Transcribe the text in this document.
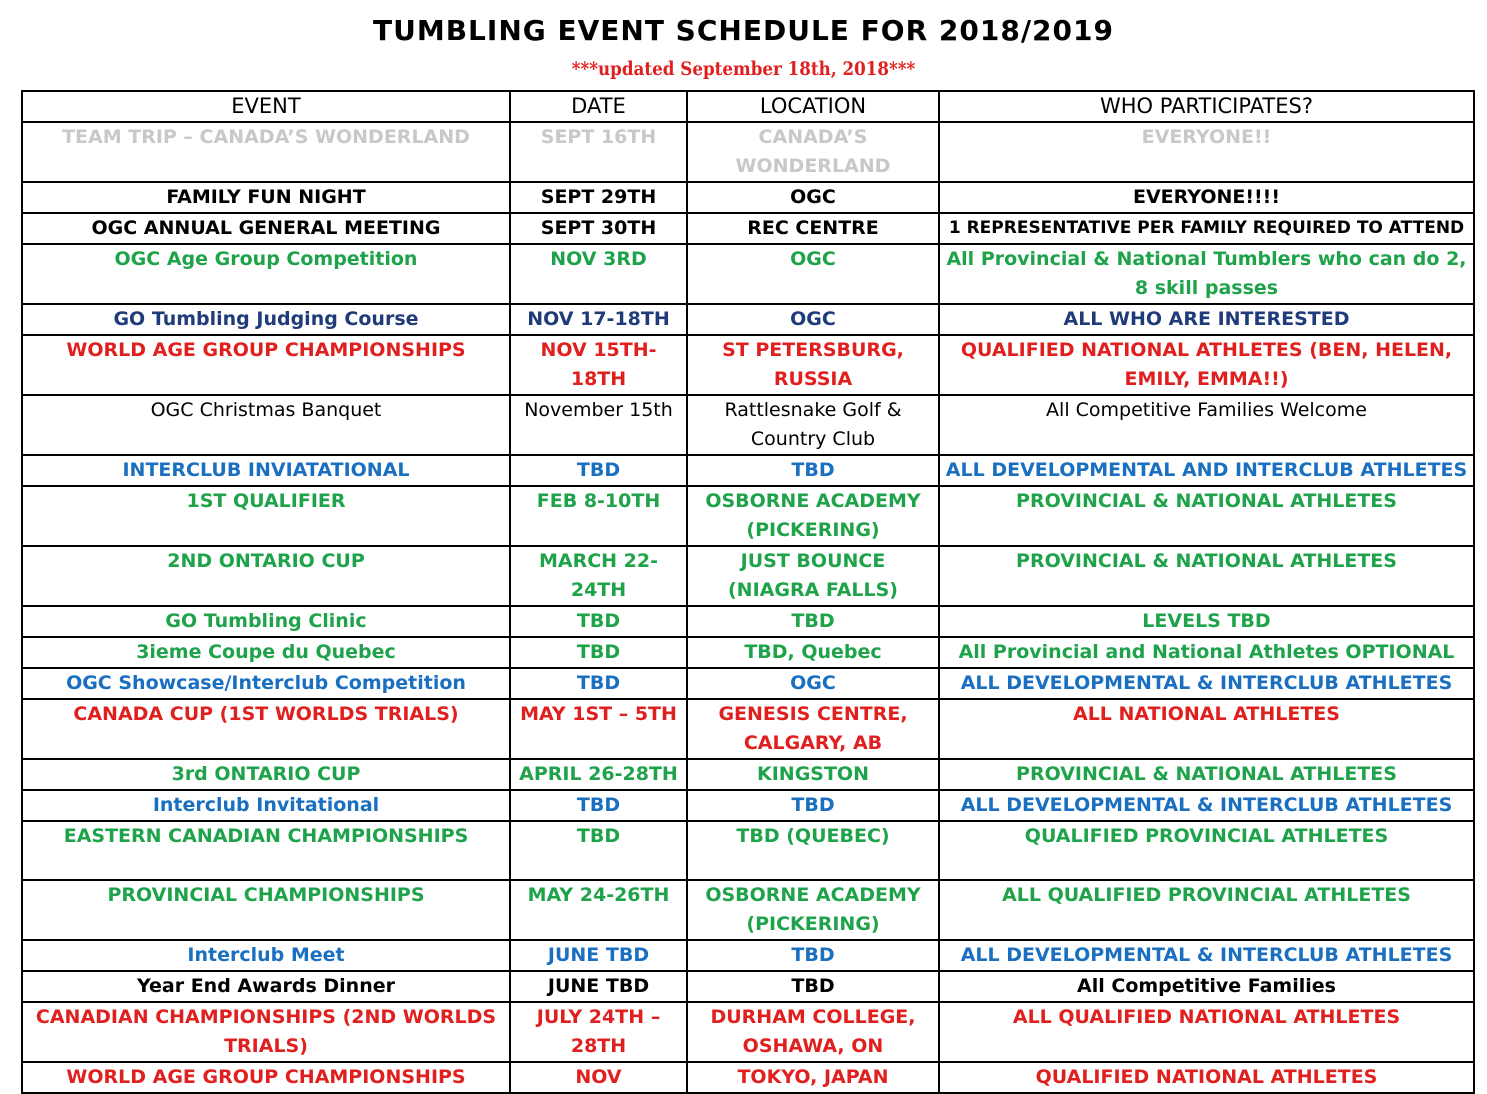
TUMBLING EVENT SCHEDULE FOR 2018/2019
***updated September 18th, 2018***
EVENT	DATE	LOCATION	WHO PARTICIPATES?
TEAM TRIP – CANADA’S WONDERLAND	SEPT 16TH	CANADA’S WONDERLAND	EVERYONE!!
FAMILY FUN NIGHT	SEPT 29TH	OGC	EVERYONE!!!!
OGC ANNUAL GENERAL MEETING	SEPT 30TH	REC CENTRE	1 REPRESENTATIVE PER FAMILY REQUIRED TO ATTEND
OGC Age Group Competition	NOV 3RD	OGC	All Provincial & National Tumblers who can do 2, 8 skill passes
GO Tumbling Judging Course	NOV 17-18TH	OGC	ALL WHO ARE INTERESTED
WORLD AGE GROUP CHAMPIONSHIPS	NOV 15TH-18TH	ST PETERSBURG, RUSSIA	QUALIFIED NATIONAL ATHLETES (BEN, HELEN, EMILY, EMMA!!)
OGC Christmas Banquet	November 15th	Rattlesnake Golf & Country Club	All Competitive Families Welcome
INTERCLUB INVIATATIONAL	TBD	TBD	ALL DEVELOPMENTAL AND INTERCLUB ATHLETES
1ST QUALIFIER	FEB 8-10TH	OSBORNE ACADEMY (PICKERING)	PROVINCIAL & NATIONAL ATHLETES
2ND ONTARIO CUP	MARCH 22-24TH	JUST BOUNCE (NIAGRA FALLS)	PROVINCIAL & NATIONAL ATHLETES
GO Tumbling Clinic	TBD	TBD	LEVELS TBD
3ieme Coupe du Quebec	TBD	TBD, Quebec	All Provincial and National Athletes OPTIONAL
OGC Showcase/Interclub Competition	TBD	OGC	ALL DEVELOPMENTAL & INTERCLUB ATHLETES
CANADA CUP (1ST WORLDS TRIALS)	MAY 1ST – 5TH	GENESIS CENTRE, CALGARY, AB	ALL NATIONAL ATHLETES
3rd ONTARIO CUP	APRIL 26-28TH	KINGSTON	PROVINCIAL & NATIONAL ATHLETES
Interclub Invitational	TBD	TBD	ALL DEVELOPMENTAL & INTERCLUB ATHLETES
EASTERN CANADIAN CHAMPIONSHIPS	TBD	TBD (QUEBEC)	QUALIFIED PROVINCIAL ATHLETES
PROVINCIAL CHAMPIONSHIPS	MAY 24-26TH	OSBORNE ACADEMY (PICKERING)	ALL QUALIFIED PROVINCIAL ATHLETES
Interclub Meet	JUNE TBD	TBD	ALL DEVELOPMENTAL & INTERCLUB ATHLETES
Year End Awards Dinner	JUNE TBD	TBD	All Competitive Families
CANADIAN CHAMPIONSHIPS (2ND WORLDS TRIALS)	JULY 24TH – 28TH	DURHAM COLLEGE, OSHAWA, ON	ALL QUALIFIED NATIONAL ATHLETES
WORLD AGE GROUP CHAMPIONSHIPS	NOV	TOKYO, JAPAN	QUALIFIED NATIONAL ATHLETES
